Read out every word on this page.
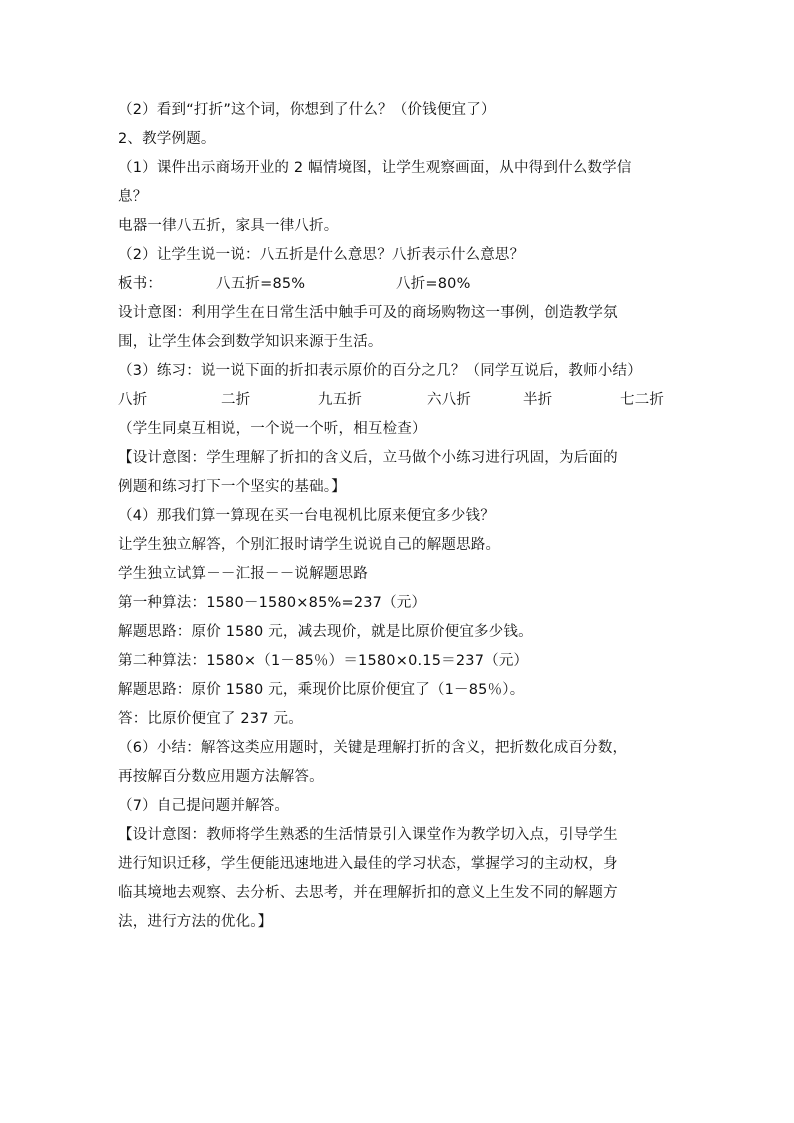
（2）看到“打折”这个词，你想到了什么？（价钱便宜了）
2、教学例题。
（1）课件出示商场开业的 2 幅情境图，让学生观察画面，从中得到什么数学信
息？
电器一律八五折，家具一律八折。
（2）让学生说一说：八五折是什么意思？八折表示什么意思？
板书：	八五折=85%	八折=80%
设计意图：利用学生在日常生活中触手可及的商场购物这一事例，创造教学氛
围，让学生体会到数学知识来源于生活。
（3）练习：说一说下面的折扣表示原价的百分之几？（同学互说后，教师小结）
八折	二折	九五折	六八折	半折	七二折
（学生同桌互相说，一个说一个听，相互检查）
【设计意图：学生理解了折扣的含义后，立马做个小练习进行巩固，为后面的
例题和练习打下一个坚实的基础。】
（4）那我们算一算现在买一台电视机比原来便宜多少钱？
让学生独立解答，个别汇报时请学生说说自己的解题思路。
学生独立试算－－汇报－－说解题思路
第一种算法：1580－1580×85%=237（元）
解题思路：原价 1580 元，减去现价，就是比原价便宜多少钱。
第二种算法：1580×（1－85％）＝1580×0.15＝237（元）
解题思路：原价 1580 元，乘现价比原价便宜了（1－85％）。
答：比原价便宜了 237 元。
（6）小结：解答这类应用题时，关键是理解打折的含义，把折数化成百分数，
再按解百分数应用题方法解答。
（7）自己提问题并解答。
【设计意图：教师将学生熟悉的生活情景引入课堂作为教学切入点，引导学生
进行知识迁移，学生便能迅速地进入最佳的学习状态，掌握学习的主动权，身
临其境地去观察、去分析、去思考，并在理解折扣的意义上生发不同的解题方
法，进行方法的优化。】
